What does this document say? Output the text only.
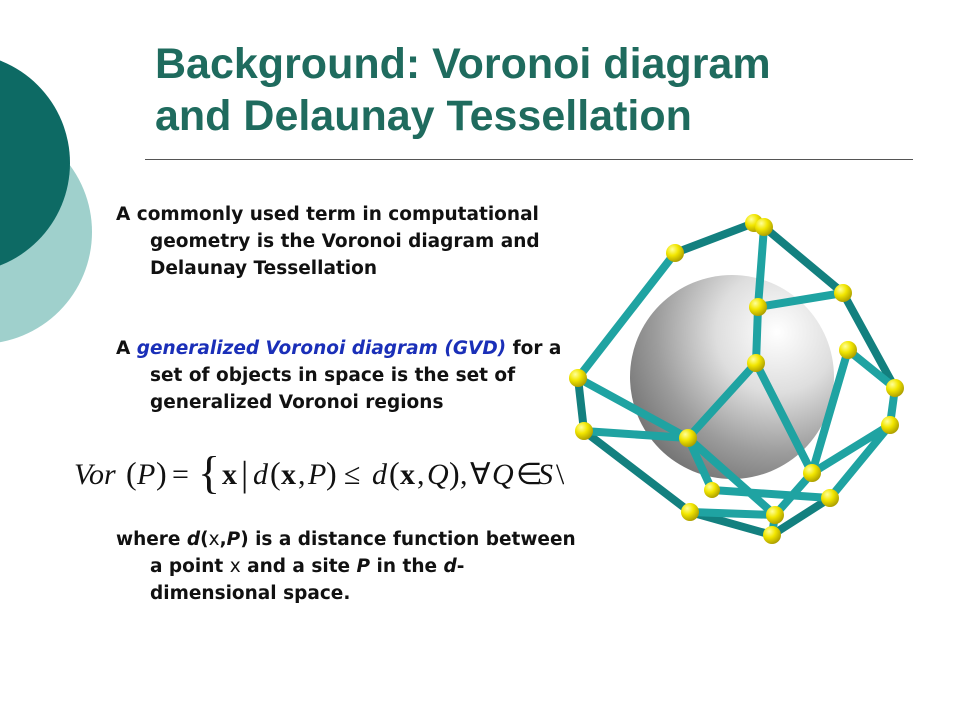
Background: Voronoi diagram
and Delaunay Tessellation

A commonly used term in computational geometry is the Voronoi diagram and Delaunay Tessellation

A generalized Voronoi diagram (GVD) for a set of objects in space is the set of generalized Voronoi regions

Vor ( P ) = { x | d ( x , P ) ≤ d ( x , Q ) , ∀ Q ∈
S \

where d(x,P) is a distance function between a point x and a site P in the d-dimensional space.
